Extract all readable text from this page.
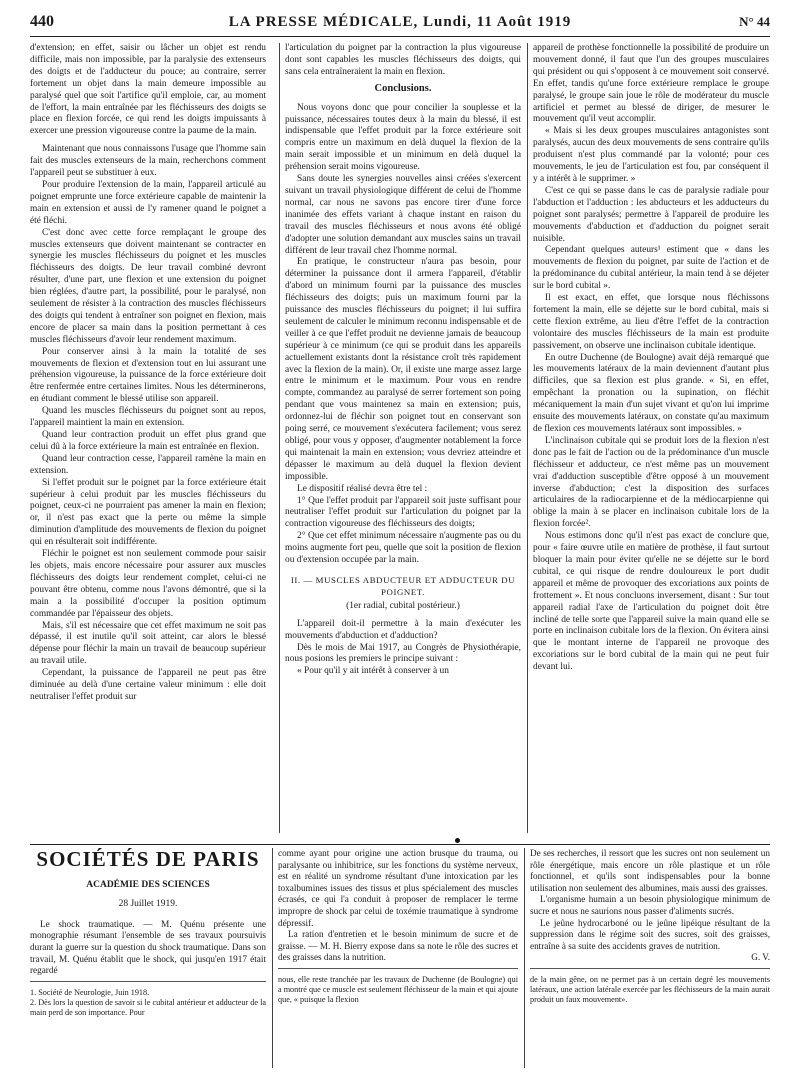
440	LA PRESSE MÉDICALE, Lundi, 11 Août 1919	N° 44

d'extension; en effet, saisir ou lâcher un objet est rendu difficile, mais non impossible, par la paralysie des extenseurs des doigts et de l'adducteur du pouce; au contraire, serrer fortement un objet dans la main demeure impossible au paralysé quel que soit l'artifice qu'il emploie, car, au moment de l'effort, la main entraînée par les fléchisseurs des doigts se place en flexion forcée, ce qui rend les doigts impuissants à exercer une pression vigoureuse contre la paume de la main.

Maintenant que nous connaissons l'usage que l'homme sain fait des muscles extenseurs de la main, recherchons comment l'appareil peut se substituer à eux.

Pour produire l'extension de la main, l'appareil articulé au poignet emprunte une force extérieure capable de maintenir la main en extension et aussi de l'y ramener quand le poignet a été fléchi.

C'est donc avec cette force remplaçant le groupe des muscles extenseurs que doivent maintenant se contracter en synergie les muscles fléchisseurs du poignet et les muscles fléchisseurs des doigts. De leur travail combiné devront résulter, d'une part, une flexion et une extension du poignet bien réglées, d'autre part, la possibilité, pour le paralysé, non seulement de résister à la contraction des muscles fléchisseurs des doigts qui tendent à entraîner son poignet en flexion, mais encore de placer sa main dans la position permettant à ces muscles fléchisseurs d'avoir leur rendement maximum.

Pour conserver ainsi à la main la totalité de ses mouvements de flexion et d'extension tout en lui assurant une préhension vigoureuse, la puissance de la force extérieure doit être renfermée entre certaines limites. Nous les déterminerons, en étudiant comment le blessé utilise son appareil.

Quand les muscles fléchisseurs du poignet sont au repos, l'appareil maintient la main en extension.

Quand leur contraction produit un effet plus grand que celui dû à la force extérieure la main est entraînée en flexion.

Quand leur contraction cesse, l'appareil ramène la main en extension.

Si l'effet produit sur le poignet par la force extérieure était supérieur à celui produit par les muscles fléchisseurs du poignet, ceux-ci ne pourraient pas amener la main en flexion; or, il n'est pas exact que la perte ou même la simple diminution d'amplitude des mouvements de flexion du poignet qui en résulterait soit indifférente.

Fléchir le poignet est non seulement commode pour saisir les objets, mais encore nécessaire pour assurer aux muscles fléchisseurs des doigts leur rendement complet, celui-ci ne pouvant être obtenu, comme nous l'avons démontré, que si la main a la possibilité d'occuper la position optimum commandée par l'épaisseur des objets.

Mais, s'il est nécessaire que cet effet maximum ne soit pas dépassé, il est inutile qu'il soit atteint, car alors le blessé dépense pour fléchir la main un travail de beaucoup supérieur au travail utile.

Cependant, la puissance de l'appareil ne peut pas être diminuée au delà d'une certaine valeur minimum : elle doit neutraliser l'effet produit sur

l'articulation du poignet par la contraction la plus vigoureuse dont sont capables les muscles fléchisseurs des doigts, qui sans cela entraîneraient la main en flexion.

Conclusions.

Nous voyons donc que pour concilier la souplesse et la puissance, nécessaires toutes deux à la main du blessé, il est indispensable que l'effet produit par la force extérieure soit compris entre un maximum en delà duquel la flexion de la main serait impossible et un minimum en delà duquel la préhension serait moins vigoureuse.

Sans doute les synergies nouvelles ainsi créées s'exercent suivant un travail physiologique différent de celui de l'homme normal, car nous ne savons pas encore tirer d'une force inanimée des effets variant à chaque instant en raison du travail des muscles fléchisseurs et nous avons été obligé d'adopter une solution demandant aux muscles sains un travail différent de leur travail chez l'homme normal.

En pratique, le constructeur n'aura pas besoin, pour déterminer la puissance dont il armera l'appareil, d'établir d'abord un minimum fourni par la puissance des muscles fléchisseurs des doigts; puis un maximum fourni par la puissance des muscles fléchisseurs du poignet; il lui suffira seulement de calculer le minimum reconnu indispensable et de veiller à ce que l'effet produit ne devienne jamais de beaucoup supérieur à ce minimum (ce qui se produit dans les appareils actuellement existants dont la résistance croît très rapidement avec la flexion de la main). Or, il existe une marge assez large entre le minimum et le maximum. Pour vous en rendre compte, commandez au paralysé de serrer fortement son poing pendant que vous maintenez sa main en extension; puis, ordonnez-lui de fléchir son poignet tout en conservant son poing serré, ce mouvement s'exécutera facilement; vous serez obligé, pour vous y opposer, d'augmenter notablement la force qui maintenait la main en extension; vous devriez atteindre et dépasser le maximum au delà duquel la flexion devient impossible.

Le dispositif réalisé devra être tel :

1° Que l'effet produit par l'appareil soit juste suffisant pour neutraliser l'effet produit sur l'articulation du poignet par la contraction vigoureuse des fléchisseurs des doigts;

2° Que cet effet minimum nécessaire n'augmente pas ou du moins augmente fort peu, quelle que soit la position de flexion ou d'extension occupée par la main.

II. — MUSCLES ABDUCTEUR ET ADDUCTEUR DU POIGNET.

(1er radial, cubital postérieur.)

L'appareil doit-il permettre à la main d'exécuter les mouvements d'abduction et d'adduction?

Dès le mois de Mai 1917, au Congrès de Physiothérapie, nous posions les premiers le principe suivant :

« Pour qu'il y ait intérêt à conserver à un

appareil de prothèse fonctionnelle la possibilité de produire un mouvement donné, il faut que l'un des groupes musculaires qui président ou qui s'opposent à ce mouvement soit conservé. En effet, tandis qu'une force extérieure remplace le groupe paralysé, le groupe sain joue le rôle de modérateur du muscle artificiel et permet au blessé de diriger, de mesurer le mouvement qu'il veut accomplir.

« Mais si les deux groupes musculaires antagonistes sont paralysés, aucun des deux mouvements de sens contraire qu'ils produisent n'est plus commandé par la volonté; pour ces mouvements, le jeu de l'articulation est fou, par conséquent il y a intérêt à le supprimer. »

C'est ce qui se passe dans le cas de paralysie radiale pour l'abduction et l'adduction : les abducteurs et les adducteurs du poignet sont paralysés; permettre à l'appareil de produire les mouvements d'abduction et d'adduction du poignet serait nuisible.

Cependant quelques auteurs¹ estiment que « dans les mouvements de flexion du poignet, par suite de l'action et de la prédominance du cubital antérieur, la main tend à se déjeter sur le bord cubital ».

Il est exact, en effet, que lorsque nous fléchissons fortement la main, elle se déjette sur le bord cubital, mais si cette flexion extrême, au lieu d'être l'effet de la contraction volontaire des muscles fléchisseurs de la main est produite passivement, on observe une inclinaison cubitale identique.

En outre Duchenne (de Boulogne) avait déjà remarqué que les mouvements latéraux de la main deviennent d'autant plus difficiles, que sa flexion est plus grande. « Si, en effet, empêchant la pronation ou la supination, on fléchit mécaniquement la main d'un sujet vivant et qu'on lui imprime ensuite des mouvements latéraux, on constate qu'au maximum de flexion ces mouvements latéraux sont impossibles. »

L'inclinaison cubitale qui se produit lors de la flexion n'est donc pas le fait de l'action ou de la prédominance d'un muscle fléchisseur et adducteur, ce n'est même pas un mouvement vrai d'adduction susceptible d'être opposé à un mouvement inverse d'abduction; c'est la disposition des surfaces articulaires de la radiocarpienne et de la médiocarpienne qui oblige la main à se placer en inclinaison cubitale lors de la flexion forcée².

Nous estimons donc qu'il n'est pas exact de conclure que, pour « faire œuvre utile en matière de prothèse, il faut surtout bloquer la main pour éviter qu'elle ne se déjette sur le bord cubital, ce qui risque de rendre douloureux le port dudit appareil et même de provoquer des excoriations aux points de frottement ». Et nous concluons inversement, disant : Sur tout appareil radial l'axe de l'articulation du poignet doit être incliné de telle sorte que l'appareil suive la main quand elle se porte en inclinaison cubitale lors de la flexion. On évitera ainsi que le montant interne de l'appareil ne provoque des excoriations sur le bord cubital de la main qui ne peut fuir devant lui.

SOCIÉTÉS DE PARIS
ACADÉMIE DES SCIENCES
28 Juillet 1919.

Le shock traumatique. — M. Quénu présente une monographie résumant l'ensemble de ses travaux poursuivis durant la guerre sur la question du shock traumatique. Dans son travail, M. Quénu établit que le shock, qui jusqu'en 1917 était regardé

1. Société de Neurologie, Juin 1918.

2. Dès lors la question de savoir si le cubital antérieur et adducteur de la main perd de son importance. Pour

comme ayant pour origine une action brusque du trauma, ou paralysante ou inhibitrice, sur les fonctions du système nerveux, est en réalité un syndrome résultant d'une intoxication par les toxalbumines issues des tissus et plus spécialement des muscles écrasés, ce qui l'a conduit à proposer de remplacer le terme impropre de shock par celui de toxémie traumatique à syndrome dépressif.

La ration d'entretien et le besoin minimum de sucre et de graisse. — M. H. Bierry expose dans sa note le rôle des sucres et des graisses dans la nutrition.

nous, elle reste tranchée par les travaux de Duchenne (de Boulogne) qui a montré que ce muscle est seulement fléchisseur de la main et qui ajoute que, « puisque la flexion

De ses recherches, il ressort que les sucres ont non seulement un rôle énergétique, mais encore un rôle plastique et un rôle fonctionnel, et qu'ils sont indispensables pour la bonne utilisation non seulement des albumines, mais aussi des graisses.

L'organisme humain a un besoin physiologique minimum de sucre et nous ne saurions nous passer d'aliments sucrés.

Le jeûne hydrocarboné ou le jeûne lipéique résultant de la suppression dans le régime soit des sucres, soit des graisses, entraîne à sa suite des accidents graves de nutrition.

G. V.

de la main gêne, on ne permet pas à un certain degré les mouvements latéraux, une action latérale exercée par les fléchisseurs de la main aurait produit un faux mouvement».
